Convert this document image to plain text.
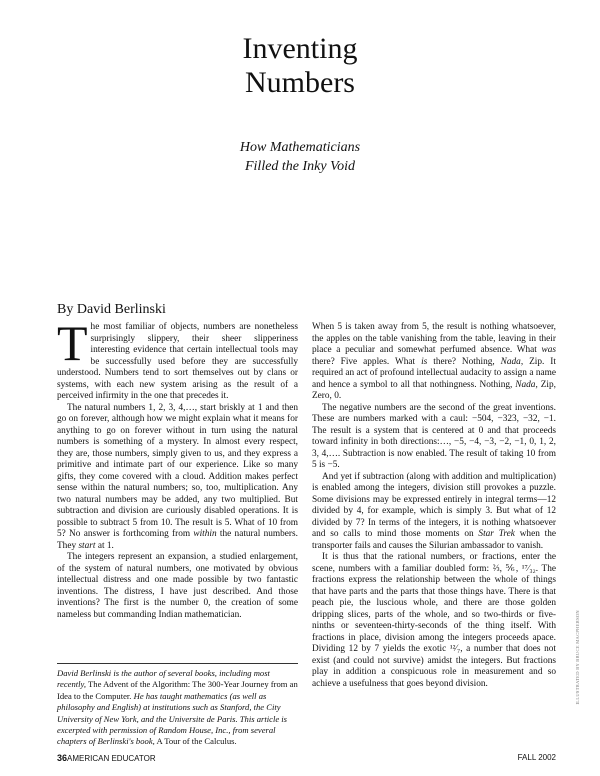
Inventing
Numbers
How Mathematicians
Filled the Inky Void
By David Berlinski

The most familiar of objects, numbers are nonetheless surprisingly slippery, their sheer slipperiness interesting evidence that certain intellectual tools may be successfully used before they are successfully understood. Numbers tend to sort themselves out by clans or systems, with each new system arising as the result of a perceived infirmity in the one that precedes it.

The natural numbers 1, 2, 3, 4,…, start briskly at 1 and then go on forever, although how we might explain what it means for anything to go on forever without in turn using the natural numbers is something of a mystery. In almost every respect, they are, those numbers, simply given to us, and they express a primitive and intimate part of our experience. Like so many gifts, they come covered with a cloud. Addition makes perfect sense within the natural numbers; so, too, multiplication. Any two natural numbers may be added, any two multiplied. But subtraction and division are curiously disabled operations. It is possible to subtract 5 from 10. The result is 5. What of 10 from 5? No answer is forthcoming from within the natural numbers. They start at 1.

The integers represent an expansion, a studied enlargement, of the system of natural numbers, one motivated by obvious intellectual distress and one made possible by two fantastic inventions. The distress, I have just described. And those inventions? The first is the number 0, the creation of some nameless but commanding Indian mathematician.

David Berlinski is the author of several books, including most recently, The Advent of the Algorithm: The 300-Year Journey from an Idea to the Computer. He has taught mathematics (as well as philosophy and English) at institutions such as Stanford, the City University of New York, and the Universite de Paris. This article is excerpted with permission of Random House, Inc., from several chapters of Berlinski's book, A Tour of the Calculus.

When 5 is taken away from 5, the result is nothing whatsoever, the apples on the table vanishing from the table, leaving in their place a peculiar and somewhat perfumed absence. What was there? Five apples. What is there? Nothing, Nada, Zip. It required an act of profound intellectual audacity to assign a name and hence a symbol to all that nothingness. Nothing, Nada, Zip, Zero, 0.

The negative numbers are the second of the great inventions. These are numbers marked with a caul: −504, −323, −32, −1. The result is a system that is centered at 0 and that proceeds toward infinity in both directions:…, −5, −4, −3, −2, −1, 0, 1, 2, 3, 4,…. Subtraction is now enabled. The result of taking 10 from 5 is −5.

And yet if subtraction (along with addition and multiplication) is enabled among the integers, division still provokes a puzzle. Some divisions may be expressed entirely in integral terms—12 divided by 4, for example, which is simply 3. But what of 12 divided by 7? In terms of the integers, it is nothing whatsoever and so calls to mind those moments on Star Trek when the transporter fails and causes the Silurian ambassador to vanish.

It is thus that the rational numbers, or fractions, enter the scene, numbers with a familiar doubled form: ⅔, ⅚, ¹⁷⁄₃₂. The fractions express the relationship between the whole of things that have parts and the parts that those things have. There is that peach pie, the luscious whole, and there are those golden dripping slices, parts of the whole, and so two-thirds or five-ninths or seventeen-thirty-seconds of the thing itself. With fractions in place, division among the integers proceeds apace. Dividing 12 by 7 yields the exotic ¹²⁄₇, a number that does not exist (and could not survive) amidst the integers. But fractions play in addition a conspicuous role in measurement and so achieve a usefulness that goes beyond division.	ILLUSTRATED BY BRUCE MACPHERSON
36AMERICAN EDUCATOR	FALL 2002
